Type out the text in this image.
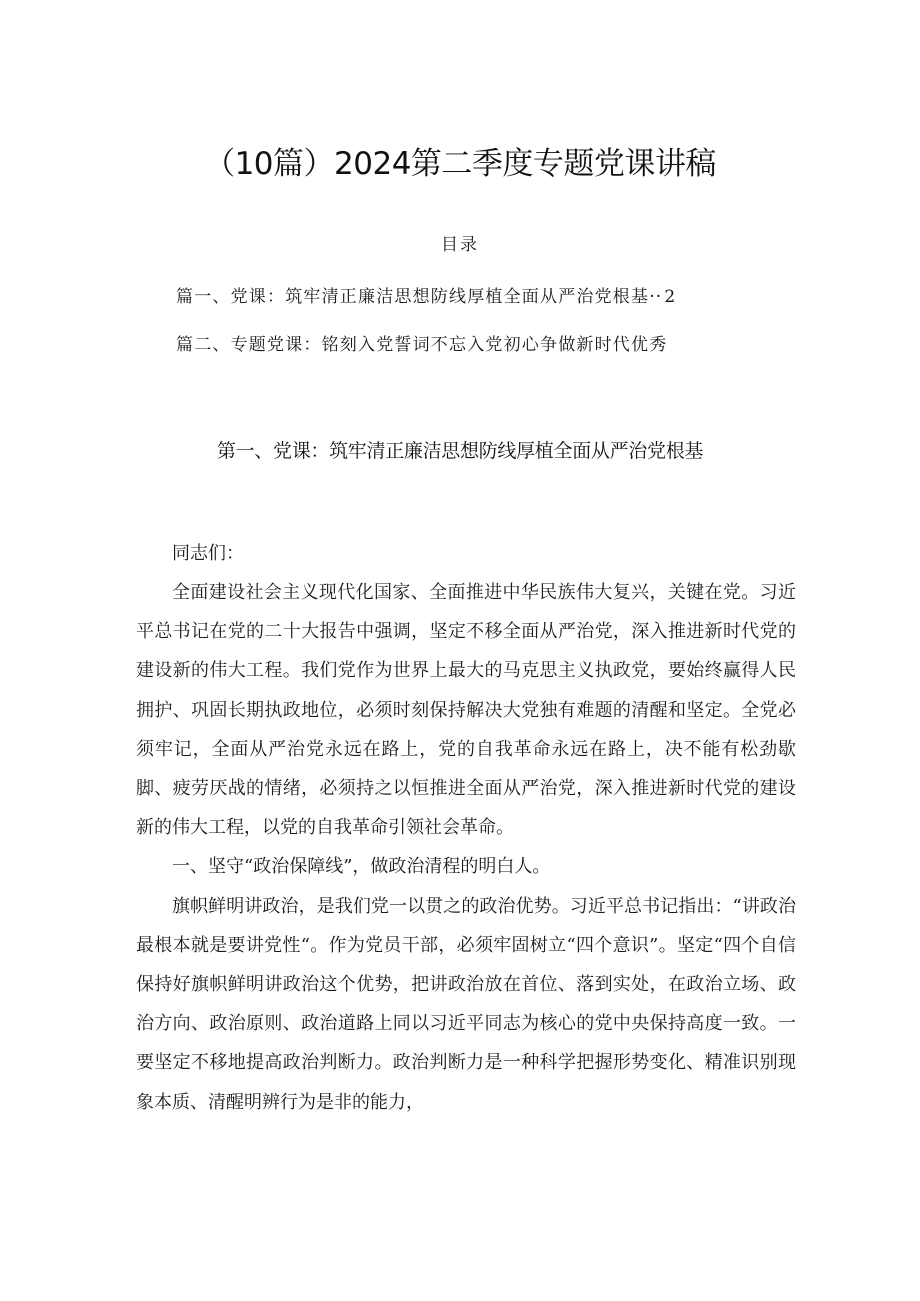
（10篇）2024第二季度专题党课讲稿
目录
篇一、党课：筑牢清正廉洁思想防线厚植全面从严治党根基·· 2
篇二、专题党课：铭刻入党誓词不忘入党初心争做新时代优秀
第一、党课：筑牢清正廉洁思想防线厚植全面从严治党根基

同志们：

全面建设社会主义现代化国家、全面推进中华民族伟大复兴，关键在党。习近平总书记在党的二十大报告中强调，坚定不移全面从严治党，深入推进新时代党的建设新的伟大工程。我们党作为世界上最大的马克思主义执政党，要始终赢得人民拥护、巩固长期执政地位，必须时刻保持解决大党独有难题的清醒和坚定。全党必须牢记，全面从严治党永远在路上，党的自我革命永远在路上，决不能有松劲歇脚、疲劳厌战的情绪，必须持之以恒推进全面从严治党，深入推进新时代党的建设新的伟大工程，以党的自我革命引领社会革命。

一、坚守“政治保障线”，做政治清程的明白人。

旗帜鲜明讲政治，是我们党一以贯之的政治优势。习近平总书记指出：“讲政治最根本就是要讲党性“。作为党员干部，必须牢固树立“四个意识”。坚定“四个自信保持好旗帜鲜明讲政治这个优势，把讲政治放在首位、落到实处，在政治立场、政治方向、政治原则、政治道路上同以习近平同志为核心的党中央保持高度一致。一要坚定不移地提高政治判断力。政治判断力是一种科学把握形势变化、精准识别现象本质、清醒明辨行为是非的能力，
